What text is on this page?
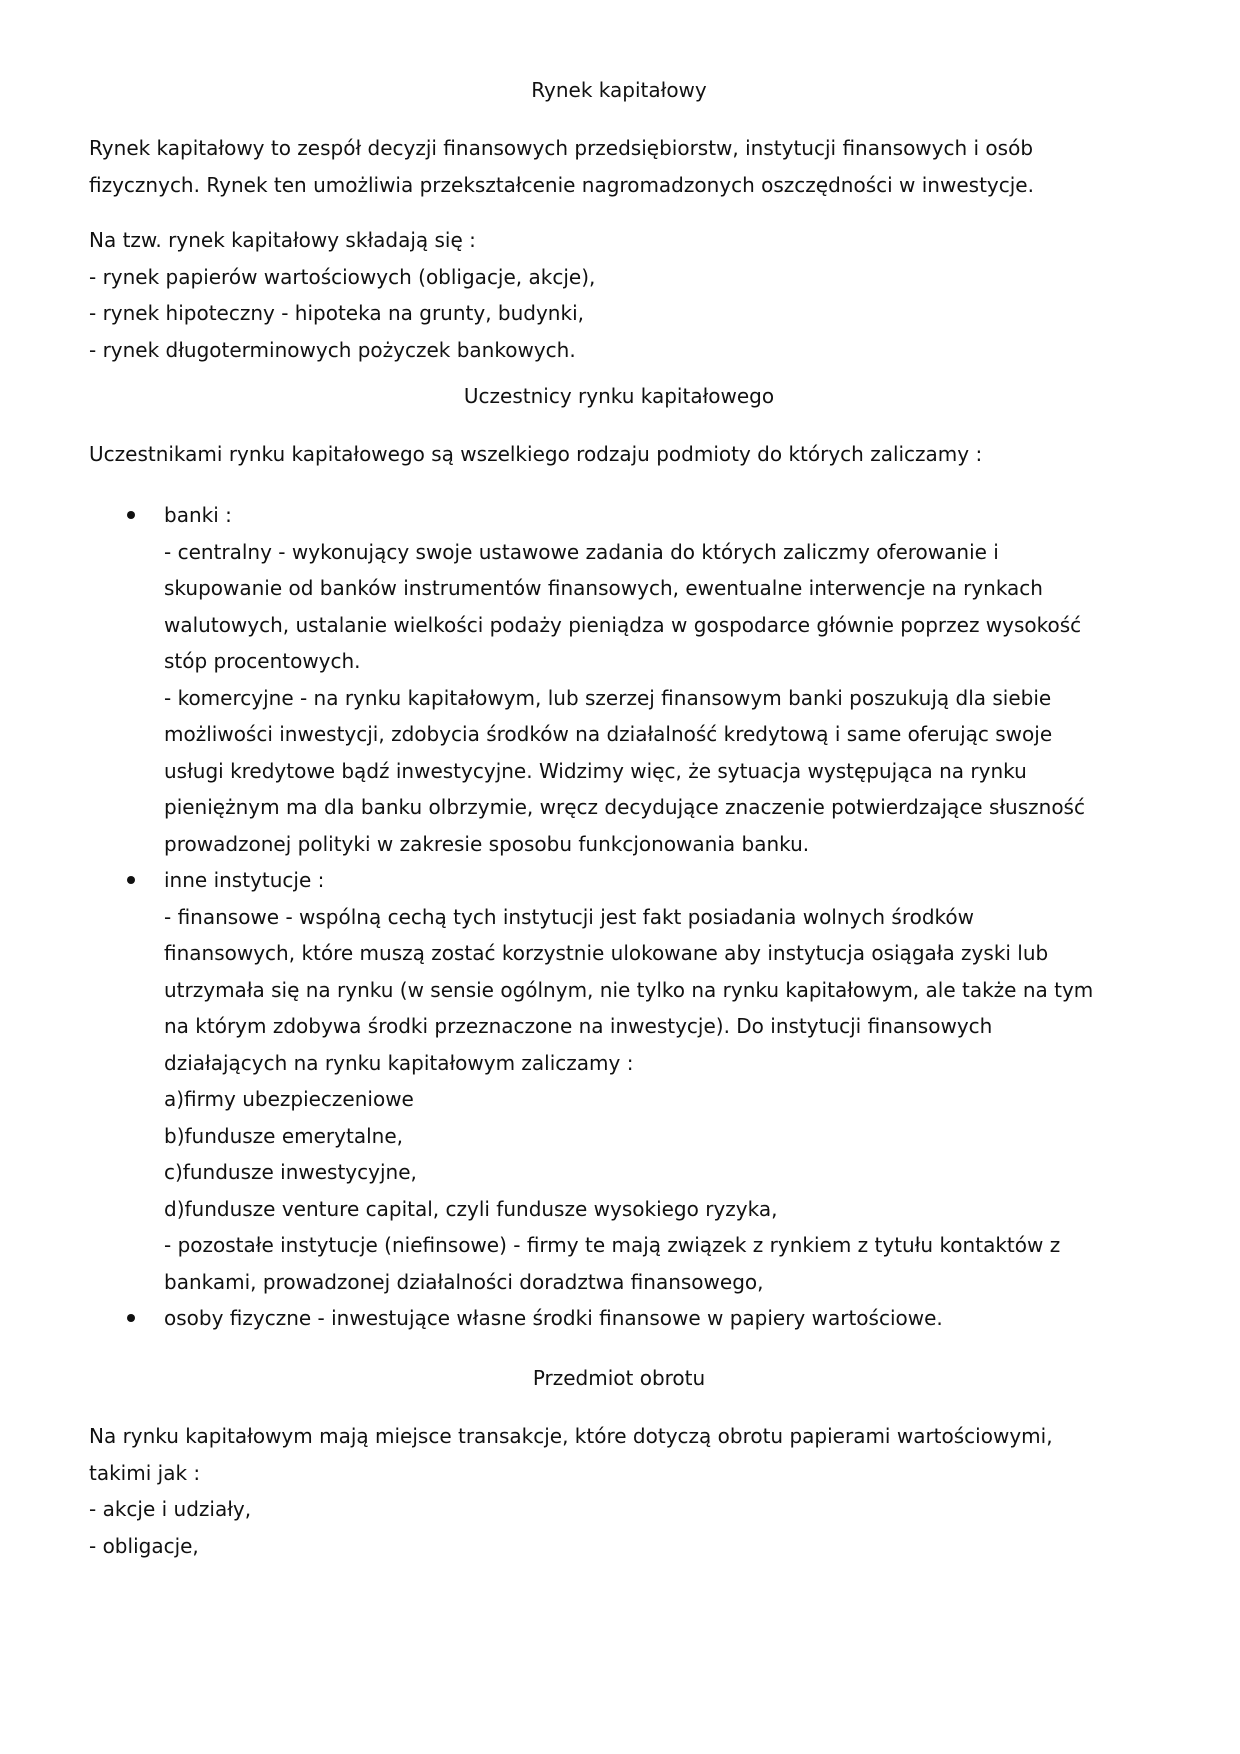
Rynek kapitałowy
Rynek kapitałowy to zespół decyzji finansowych przedsiębiorstw, instytucji finansowych i osób
fizycznych. Rynek ten umożliwia przekształcenie nagromadzonych oszczędności w inwestycje.
Na tzw. rynek kapitałowy składają się :
- rynek papierów wartościowych (obligacje, akcje),
- rynek hipoteczny - hipoteka na grunty, budynki,
- rynek długoterminowych pożyczek bankowych.
Uczestnicy rynku kapitałowego
Uczestnikami rynku kapitałowego są wszelkiego rodzaju podmioty do których zaliczamy :
banki :
- centralny - wykonujący swoje ustawowe zadania do których zaliczmy oferowanie i
skupowanie od banków instrumentów finansowych, ewentualne interwencje na rynkach
walutowych, ustalanie wielkości podaży pieniądza w gospodarce głównie poprzez wysokość
stóp procentowych.
- komercyjne - na rynku kapitałowym, lub szerzej finansowym banki poszukują dla siebie
możliwości inwestycji, zdobycia środków na działalność kredytową i same oferując swoje
usługi kredytowe bądź inwestycyjne. Widzimy więc, że sytuacja występująca na rynku
pieniężnym ma dla banku olbrzymie, wręcz decydujące znaczenie potwierdzające słuszność
prowadzonej polityki w zakresie sposobu funkcjonowania banku.
inne instytucje :
- finansowe - wspólną cechą tych instytucji jest fakt posiadania wolnych środków
finansowych, które muszą zostać korzystnie ulokowane aby instytucja osiągała zyski lub
utrzymała się na rynku (w sensie ogólnym, nie tylko na rynku kapitałowym, ale także na tym
na którym zdobywa środki przeznaczone na inwestycje). Do instytucji finansowych
działających na rynku kapitałowym zaliczamy :
a)firmy ubezpieczeniowe
b)fundusze emerytalne,
c)fundusze inwestycyjne,
d)fundusze venture capital, czyli fundusze wysokiego ryzyka,
- pozostałe instytucje (niefinsowe) - firmy te mają związek z rynkiem z tytułu kontaktów z
bankami, prowadzonej działalności doradztwa finansowego,
osoby fizyczne - inwestujące własne środki finansowe w papiery wartościowe.
Przedmiot obrotu
Na rynku kapitałowym mają miejsce transakcje, które dotyczą obrotu papierami wartościowymi,
takimi jak :
- akcje i udziały,
- obligacje,
